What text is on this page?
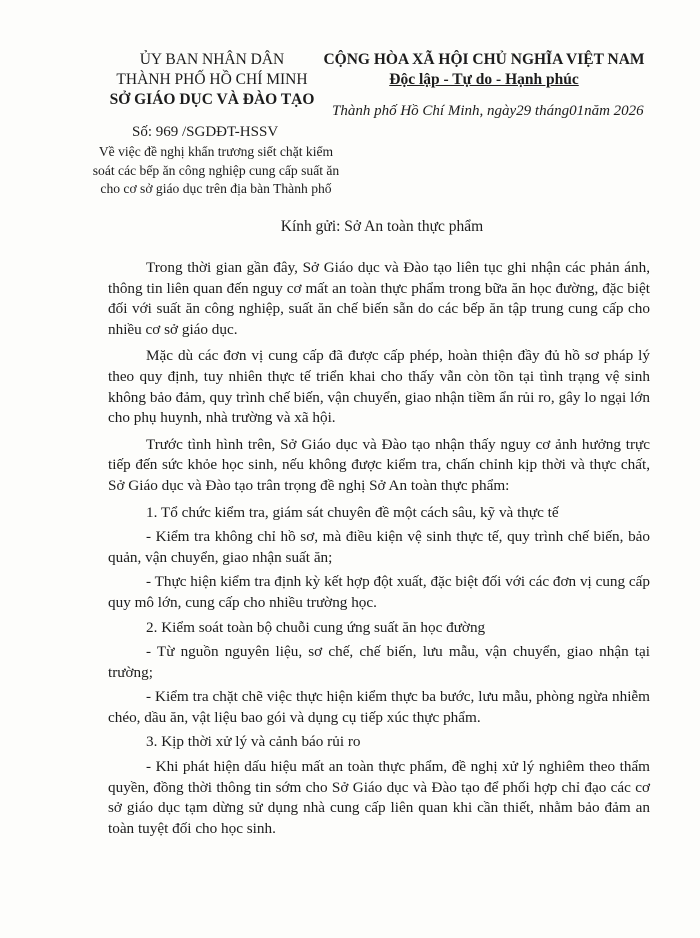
ỦY BAN NHÂN DÂN
THÀNH PHỐ HỒ CHÍ MINH
SỞ GIÁO DỤC VÀ ĐÀO TẠO
CỘNG HÒA XÃ HỘI CHỦ NGHĨA VIỆT NAM
Độc lập - Tự do - Hạnh phúc
Thành phố Hồ Chí Minh, ngày29 tháng01năm 2026
Số: 969 /SGDĐT-HSSV
Về việc đề nghị khẩn trương siết chặt kiểm soát các bếp ăn công nghiệp cung cấp suất ăn cho cơ sở giáo dục trên địa bàn Thành phố
Kính gửi: Sở An toàn thực phẩm

Trong thời gian gần đây, Sở Giáo dục và Đào tạo liên tục ghi nhận các phản ánh, thông tin liên quan đến nguy cơ mất an toàn thực phẩm trong bữa ăn học đường, đặc biệt đối với suất ăn công nghiệp, suất ăn chế biến sẵn do các bếp ăn tập trung cung cấp cho nhiều cơ sở giáo dục.

Mặc dù các đơn vị cung cấp đã được cấp phép, hoàn thiện đầy đủ hồ sơ pháp lý theo quy định, tuy nhiên thực tế triển khai cho thấy vẫn còn tồn tại tình trạng vệ sinh không bảo đảm, quy trình chế biến, vận chuyển, giao nhận tiềm ẩn rủi ro, gây lo ngại lớn cho phụ huynh, nhà trường và xã hội.

Trước tình hình trên, Sở Giáo dục và Đào tạo nhận thấy nguy cơ ảnh hưởng trực tiếp đến sức khỏe học sinh, nếu không được kiểm tra, chấn chỉnh kịp thời và thực chất, Sở Giáo dục và Đào tạo trân trọng đề nghị Sở An toàn thực phẩm:

1. Tổ chức kiểm tra, giám sát chuyên đề một cách sâu, kỹ và thực tế

- Kiểm tra không chỉ hồ sơ, mà điều kiện vệ sinh thực tế, quy trình chế biến, bảo quản, vận chuyển, giao nhận suất ăn;

- Thực hiện kiểm tra định kỳ kết hợp đột xuất, đặc biệt đối với các đơn vị cung cấp quy mô lớn, cung cấp cho nhiều trường học.

2. Kiểm soát toàn bộ chuỗi cung ứng suất ăn học đường

- Từ nguồn nguyên liệu, sơ chế, chế biến, lưu mẫu, vận chuyển, giao nhận tại trường;

- Kiểm tra chặt chẽ việc thực hiện kiểm thực ba bước, lưu mẫu, phòng ngừa nhiễm chéo, dầu ăn, vật liệu bao gói và dụng cụ tiếp xúc thực phẩm.

3. Kịp thời xử lý và cảnh báo rủi ro

- Khi phát hiện dấu hiệu mất an toàn thực phẩm, đề nghị xử lý nghiêm theo thẩm quyền, đồng thời thông tin sớm cho Sở Giáo dục và Đào tạo để phối hợp chỉ đạo các cơ sở giáo dục tạm dừng sử dụng nhà cung cấp liên quan khi cần thiết, nhằm bảo đảm an toàn tuyệt đối cho học sinh.
